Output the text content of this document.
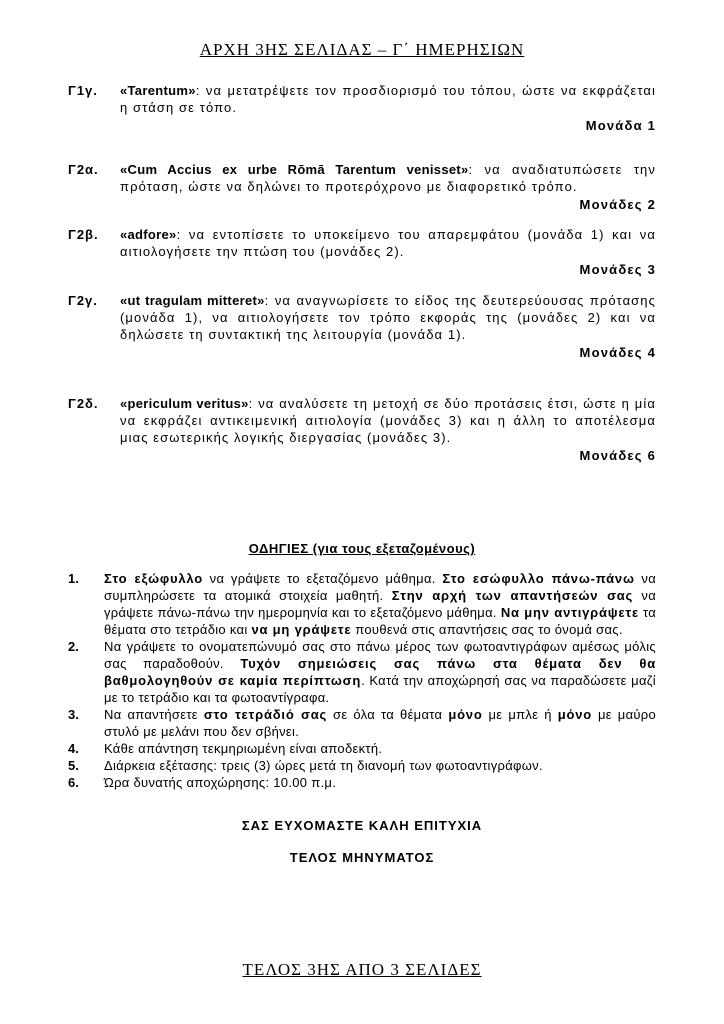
ΑΡΧΗ 3ΗΣ ΣΕΛΙΔΑΣ – Γ΄ ΗΜΕΡΗΣΙΩΝ
Γ1γ. «Tarentum»: να μετατρέψετε τον προσδιορισμό του τόπου, ώστε να εκφράζεται η στάση σε τόπο.
Μονάδα 1
Γ2α. «Cum Accius ex urbe Rōmā Tarentum venisset»: να αναδιατυπώσετε την πρόταση, ώστε να δηλώνει το προτερόχρονο με διαφορετικό τρόπο.
Μονάδες 2
Γ2β. «adfore»: να εντοπίσετε το υποκείμενο του απαρεμφάτου (μονάδα 1) και να αιτιολογήσετε την πτώση του (μονάδες 2).
Μονάδες 3
Γ2γ. «ut tragulam mitteret»: να αναγνωρίσετε το είδος της δευτερεύουσας πρότασης (μονάδα 1), να αιτιολογήσετε τον τρόπο εκφοράς της (μονάδες 2) και να δηλώσετε τη συντακτική της λειτουργία (μονάδα 1).
Μονάδες 4
Γ2δ. «periculum veritus»: να αναλύσετε τη μετοχή σε δύο προτάσεις έτσι, ώστε η μία να εκφράζει αντικειμενική αιτιολογία (μονάδες 3) και η άλλη το αποτέλεσμα μιας εσωτερικής λογικής διεργασίας (μονάδες 3).
Μονάδες 6
ΟΔΗΓΙΕΣ (για τους εξεταζομένους)
1. Στο εξώφυλλο να γράψετε το εξεταζόμενο μάθημα. Στο εσώφυλλο πάνω-πάνω να συμπληρώσετε τα ατομικά στοιχεία μαθητή. Στην αρχή των απαντήσεών σας να γράψετε πάνω-πάνω την ημερομηνία και το εξεταζόμενο μάθημα. Να μην αντιγράψετε τα θέματα στο τετράδιο και να μη γράψετε πουθενά στις απαντήσεις σας το όνομά σας.
2. Να γράψετε το ονοματεπώνυμό σας στο πάνω μέρος των φωτοαντιγράφων αμέσως μόλις σας παραδοθούν. Τυχόν σημειώσεις σας πάνω στα θέματα δεν θα βαθμολογηθούν σε καμία περίπτωση. Κατά την αποχώρησή σας να παραδώσετε μαζί με το τετράδιο και τα φωτοαντίγραφα.
3. Να απαντήσετε στο τετράδιό σας σε όλα τα θέματα μόνο με μπλε ή μόνο με μαύρο στυλό με μελάνι που δεν σβήνει.
4. Κάθε απάντηση τεκμηριωμένη είναι αποδεκτή.
5. Διάρκεια εξέτασης: τρεις (3) ώρες μετά τη διανομή των φωτοαντιγράφων.
6. Ώρα δυνατής αποχώρησης: 10.00 π.μ.
ΣΑΣ ΕΥΧΟΜΑΣΤΕ ΚΑΛΗ ΕΠΙΤΥΧΙΑ
ΤΕΛΟΣ ΜΗΝΥΜΑΤΟΣ
ΤΕΛΟΣ 3ΗΣ ΑΠΟ 3 ΣΕΛΙΔΕΣ
